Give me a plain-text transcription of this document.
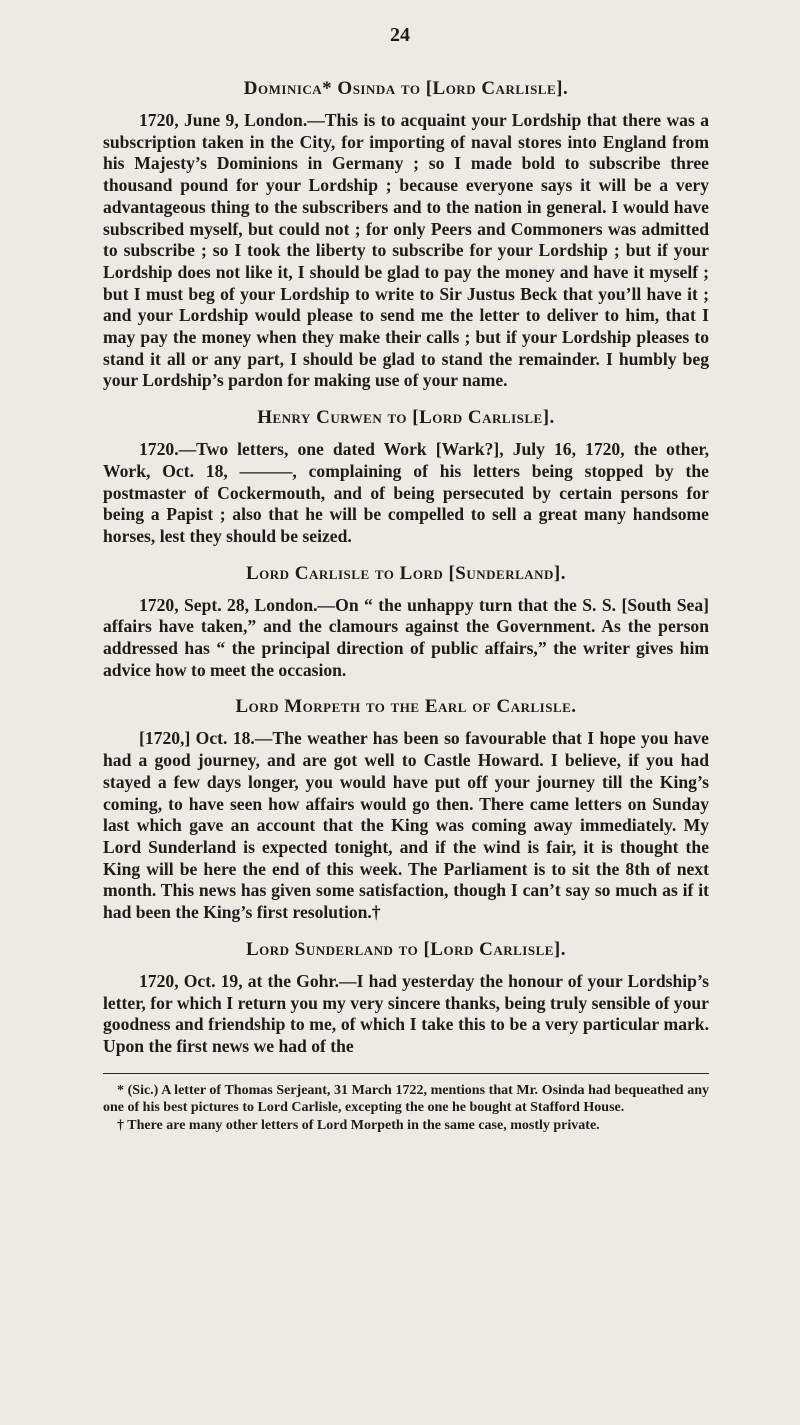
24
Dominica* Osinda to [Lord Carlisle].

1720, June 9, London.—This is to acquaint your Lordship that there was a subscription taken in the City, for importing of naval stores into England from his Majesty’s Dominions in Germany ; so I made bold to subscribe three thousand pound for your Lordship ; because everyone says it will be a very advantageous thing to the subscribers and to the nation in general. I would have subscribed myself, but could not ; for only Peers and Commoners was admitted to subscribe ; so I took the liberty to subscribe for your Lordship ; but if your Lordship does not like it, I should be glad to pay the money and have it myself ; but I must beg of your Lordship to write to Sir Justus Beck that you’ll have it ; and your Lordship would please to send me the letter to deliver to him, that I may pay the money when they make their calls ; but if your Lordship pleases to stand it all or any part, I should be glad to stand the remainder. I humbly beg your Lordship’s pardon for making use of your name.

Henry Curwen to [Lord Carlisle].

1720.—Two letters, one dated Work [Wark?], July 16, 1720, the other, Work, Oct. 18, ———, complaining of his letters being stopped by the postmaster of Cockermouth, and of being persecuted by certain persons for being a Papist ; also that he will be compelled to sell a great many handsome horses, lest they should be seized.

Lord Carlisle to Lord [Sunderland].

1720, Sept. 28, London.—On “ the unhappy turn that the S. S. [South Sea] affairs have taken,” and the clamours against the Government. As the person addressed has “ the principal direction of public affairs,” the writer gives him advice how to meet the occasion.

Lord Morpeth to the Earl of Carlisle.

[1720,] Oct. 18.—The weather has been so favourable that I hope you have had a good journey, and are got well to Castle Howard. I believe, if you had stayed a few days longer, you would have put off your journey till the King’s coming, to have seen how affairs would go then. There came letters on Sunday last which gave an account that the King was coming away immediately. My Lord Sunderland is expected tonight, and if the wind is fair, it is thought the King will be here the end of this week. The Parliament is to sit the 8th of next month. This news has given some satisfaction, though I can’t say so much as if it had been the King’s first resolution.†

Lord Sunderland to [Lord Carlisle].

1720, Oct. 19, at the Gohr.—I had yesterday the honour of your Lordship’s letter, for which I return you my very sincere thanks, being truly sensible of your goodness and friendship to me, of which I take this to be a very particular mark. Upon the first news we had of the

* (Sic.) A letter of Thomas Serjeant, 31 March 1722, mentions that Mr. Osinda had bequeathed any one of his best pictures to Lord Carlisle, excepting the one he bought at Stafford House.

† There are many other letters of Lord Morpeth in the same case, mostly private.
